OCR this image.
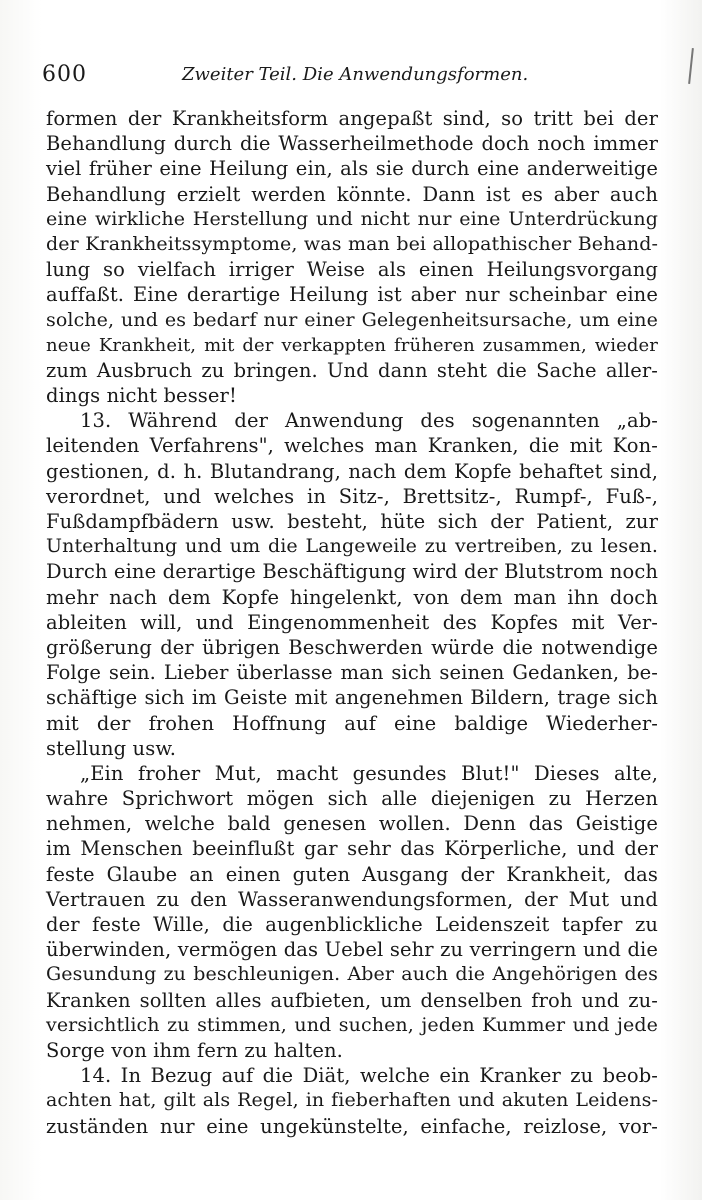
600	Zweiter Teil. Die Anwendungsformen.
formen der Krankheitsform angepaßt sind, so tritt bei der
Behandlung durch die Wasserheilmethode doch noch immer
viel früher eine Heilung ein, als sie durch eine anderweitige
Behandlung erzielt werden könnte. Dann ist es aber auch
eine wirkliche Herstellung und nicht nur eine Unterdrückung
der Krankheitssymptome, was man bei allopathischer Behand-
lung so vielfach irriger Weise als einen Heilungsvorgang
auffaßt. Eine derartige Heilung ist aber nur scheinbar eine
solche, und es bedarf nur einer Gelegenheitsursache, um eine
neue Krankheit, mit der verkappten früheren zusammen, wieder
zum Ausbruch zu bringen. Und dann steht die Sache aller-
dings nicht besser!
13. Während der Anwendung des sogenannten „ab-
leitenden Verfahrens", welches man Kranken, die mit Kon-
gestionen, d. h. Blutandrang, nach dem Kopfe behaftet sind,
verordnet, und welches in Sitz-, Brettsitz-, Rumpf-, Fuß-,
Fußdampfbädern usw. besteht, hüte sich der Patient, zur
Unterhaltung und um die Langeweile zu vertreiben, zu lesen.
Durch eine derartige Beschäftigung wird der Blutstrom noch
mehr nach dem Kopfe hingelenkt, von dem man ihn doch
ableiten will, und Eingenommenheit des Kopfes mit Ver-
größerung der übrigen Beschwerden würde die notwendige
Folge sein. Lieber überlasse man sich seinen Gedanken, be-
schäftige sich im Geiste mit angenehmen Bildern, trage sich
mit der frohen Hoffnung auf eine baldige Wiederher-
stellung usw.
„Ein froher Mut, macht gesundes Blut!" Dieses alte,
wahre Sprichwort mögen sich alle diejenigen zu Herzen
nehmen, welche bald genesen wollen. Denn das Geistige
im Menschen beeinflußt gar sehr das Körperliche, und der
feste Glaube an einen guten Ausgang der Krankheit, das
Vertrauen zu den Wasseranwendungsformen, der Mut und
der feste Wille, die augenblickliche Leidenszeit tapfer zu
überwinden, vermögen das Uebel sehr zu verringern und die
Gesundung zu beschleunigen. Aber auch die Angehörigen des
Kranken sollten alles aufbieten, um denselben froh und zu-
versichtlich zu stimmen, und suchen, jeden Kummer und jede
Sorge von ihm fern zu halten.
14. In Bezug auf die Diät, welche ein Kranker zu beob-
achten hat, gilt als Regel, in fieberhaften und akuten Leidens-
zuständen nur eine ungekünstelte, einfache, reizlose, vor-
